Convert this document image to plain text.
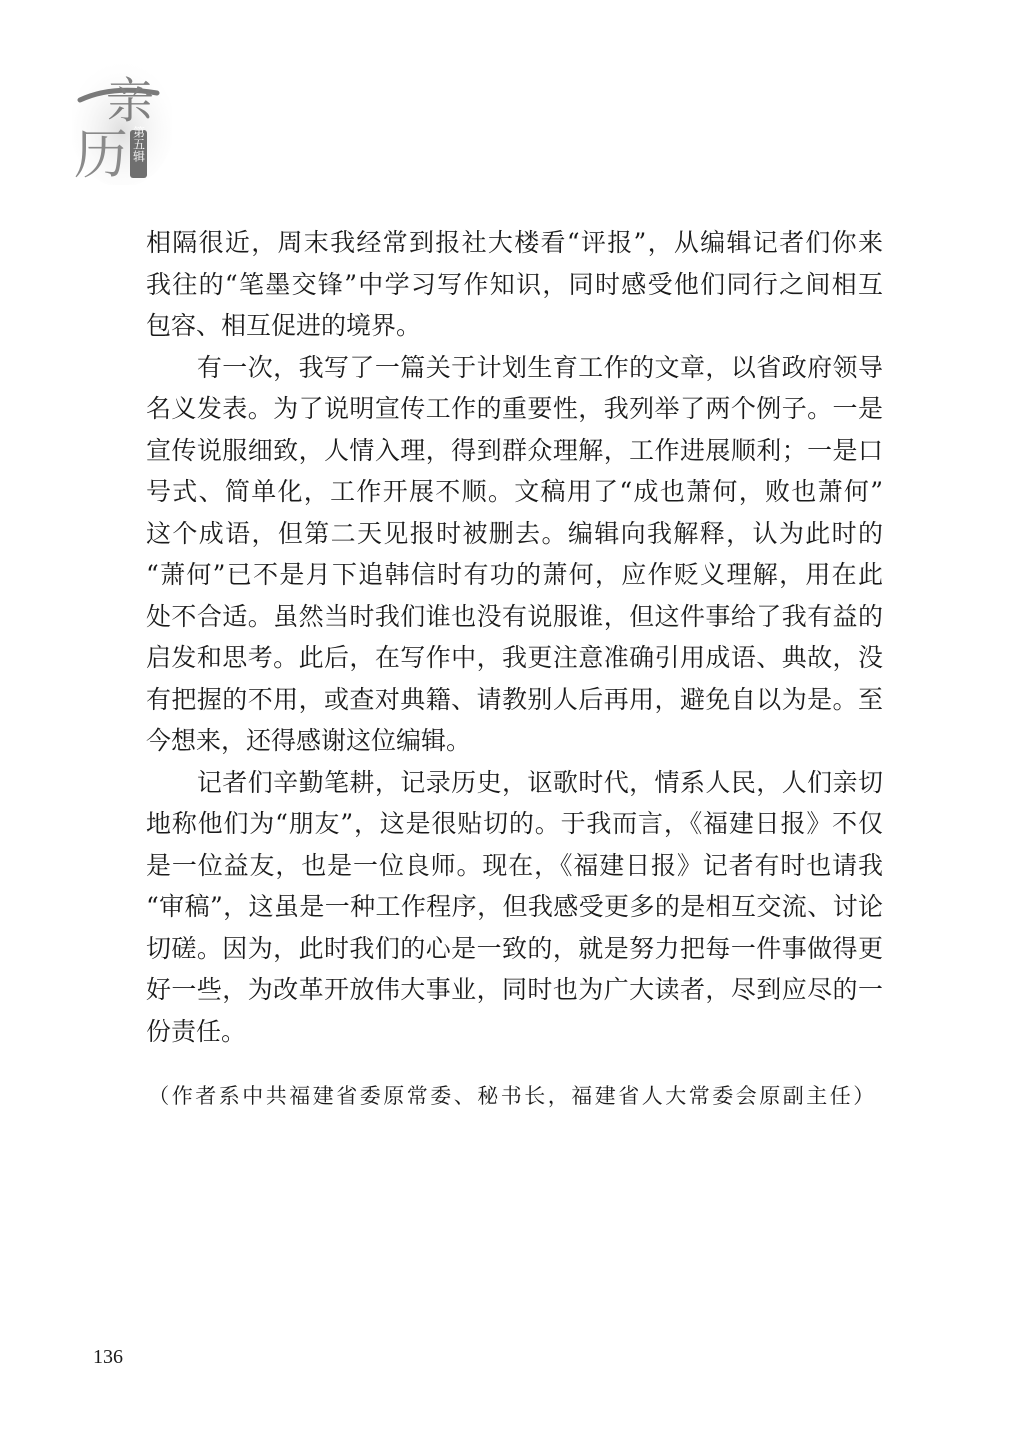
亲
历 第五辑
相隔很近，周末我经常到报社大楼看“评报”，从编辑记者们你来
我往的“笔墨交锋”中学习写作知识，同时感受他们同行之间相互
包容、相互促进的境界。
　　有一次，我写了一篇关于计划生育工作的文章，以省政府领导
名义发表。为了说明宣传工作的重要性，我列举了两个例子。一是
宣传说服细致，人情入理，得到群众理解，工作进展顺利；一是口
号式、简单化，工作开展不顺。文稿用了“成也萧何，败也萧何”
这个成语，但第二天见报时被删去。编辑向我解释，认为此时的
“萧何”已不是月下追韩信时有功的萧何，应作贬义理解，用在此
处不合适。虽然当时我们谁也没有说服谁，但这件事给了我有益的
启发和思考。此后，在写作中，我更注意准确引用成语、典故，没
有把握的不用，或查对典籍、请教别人后再用，避免自以为是。至
今想来，还得感谢这位编辑。
　　记者们辛勤笔耕，记录历史，讴歌时代，情系人民，人们亲切
地称他们为“朋友”，这是很贴切的。于我而言，《福建日报》不仅
是一位益友，也是一位良师。现在，《福建日报》记者有时也请我
“审稿”，这虽是一种工作程序，但我感受更多的是相互交流、讨论
切磋。因为，此时我们的心是一致的，就是努力把每一件事做得更
好一些，为改革开放伟大事业，同时也为广大读者，尽到应尽的一
份责任。
（作者系中共福建省委原常委、秘书长，福建省人大常委会原副主任）
136
